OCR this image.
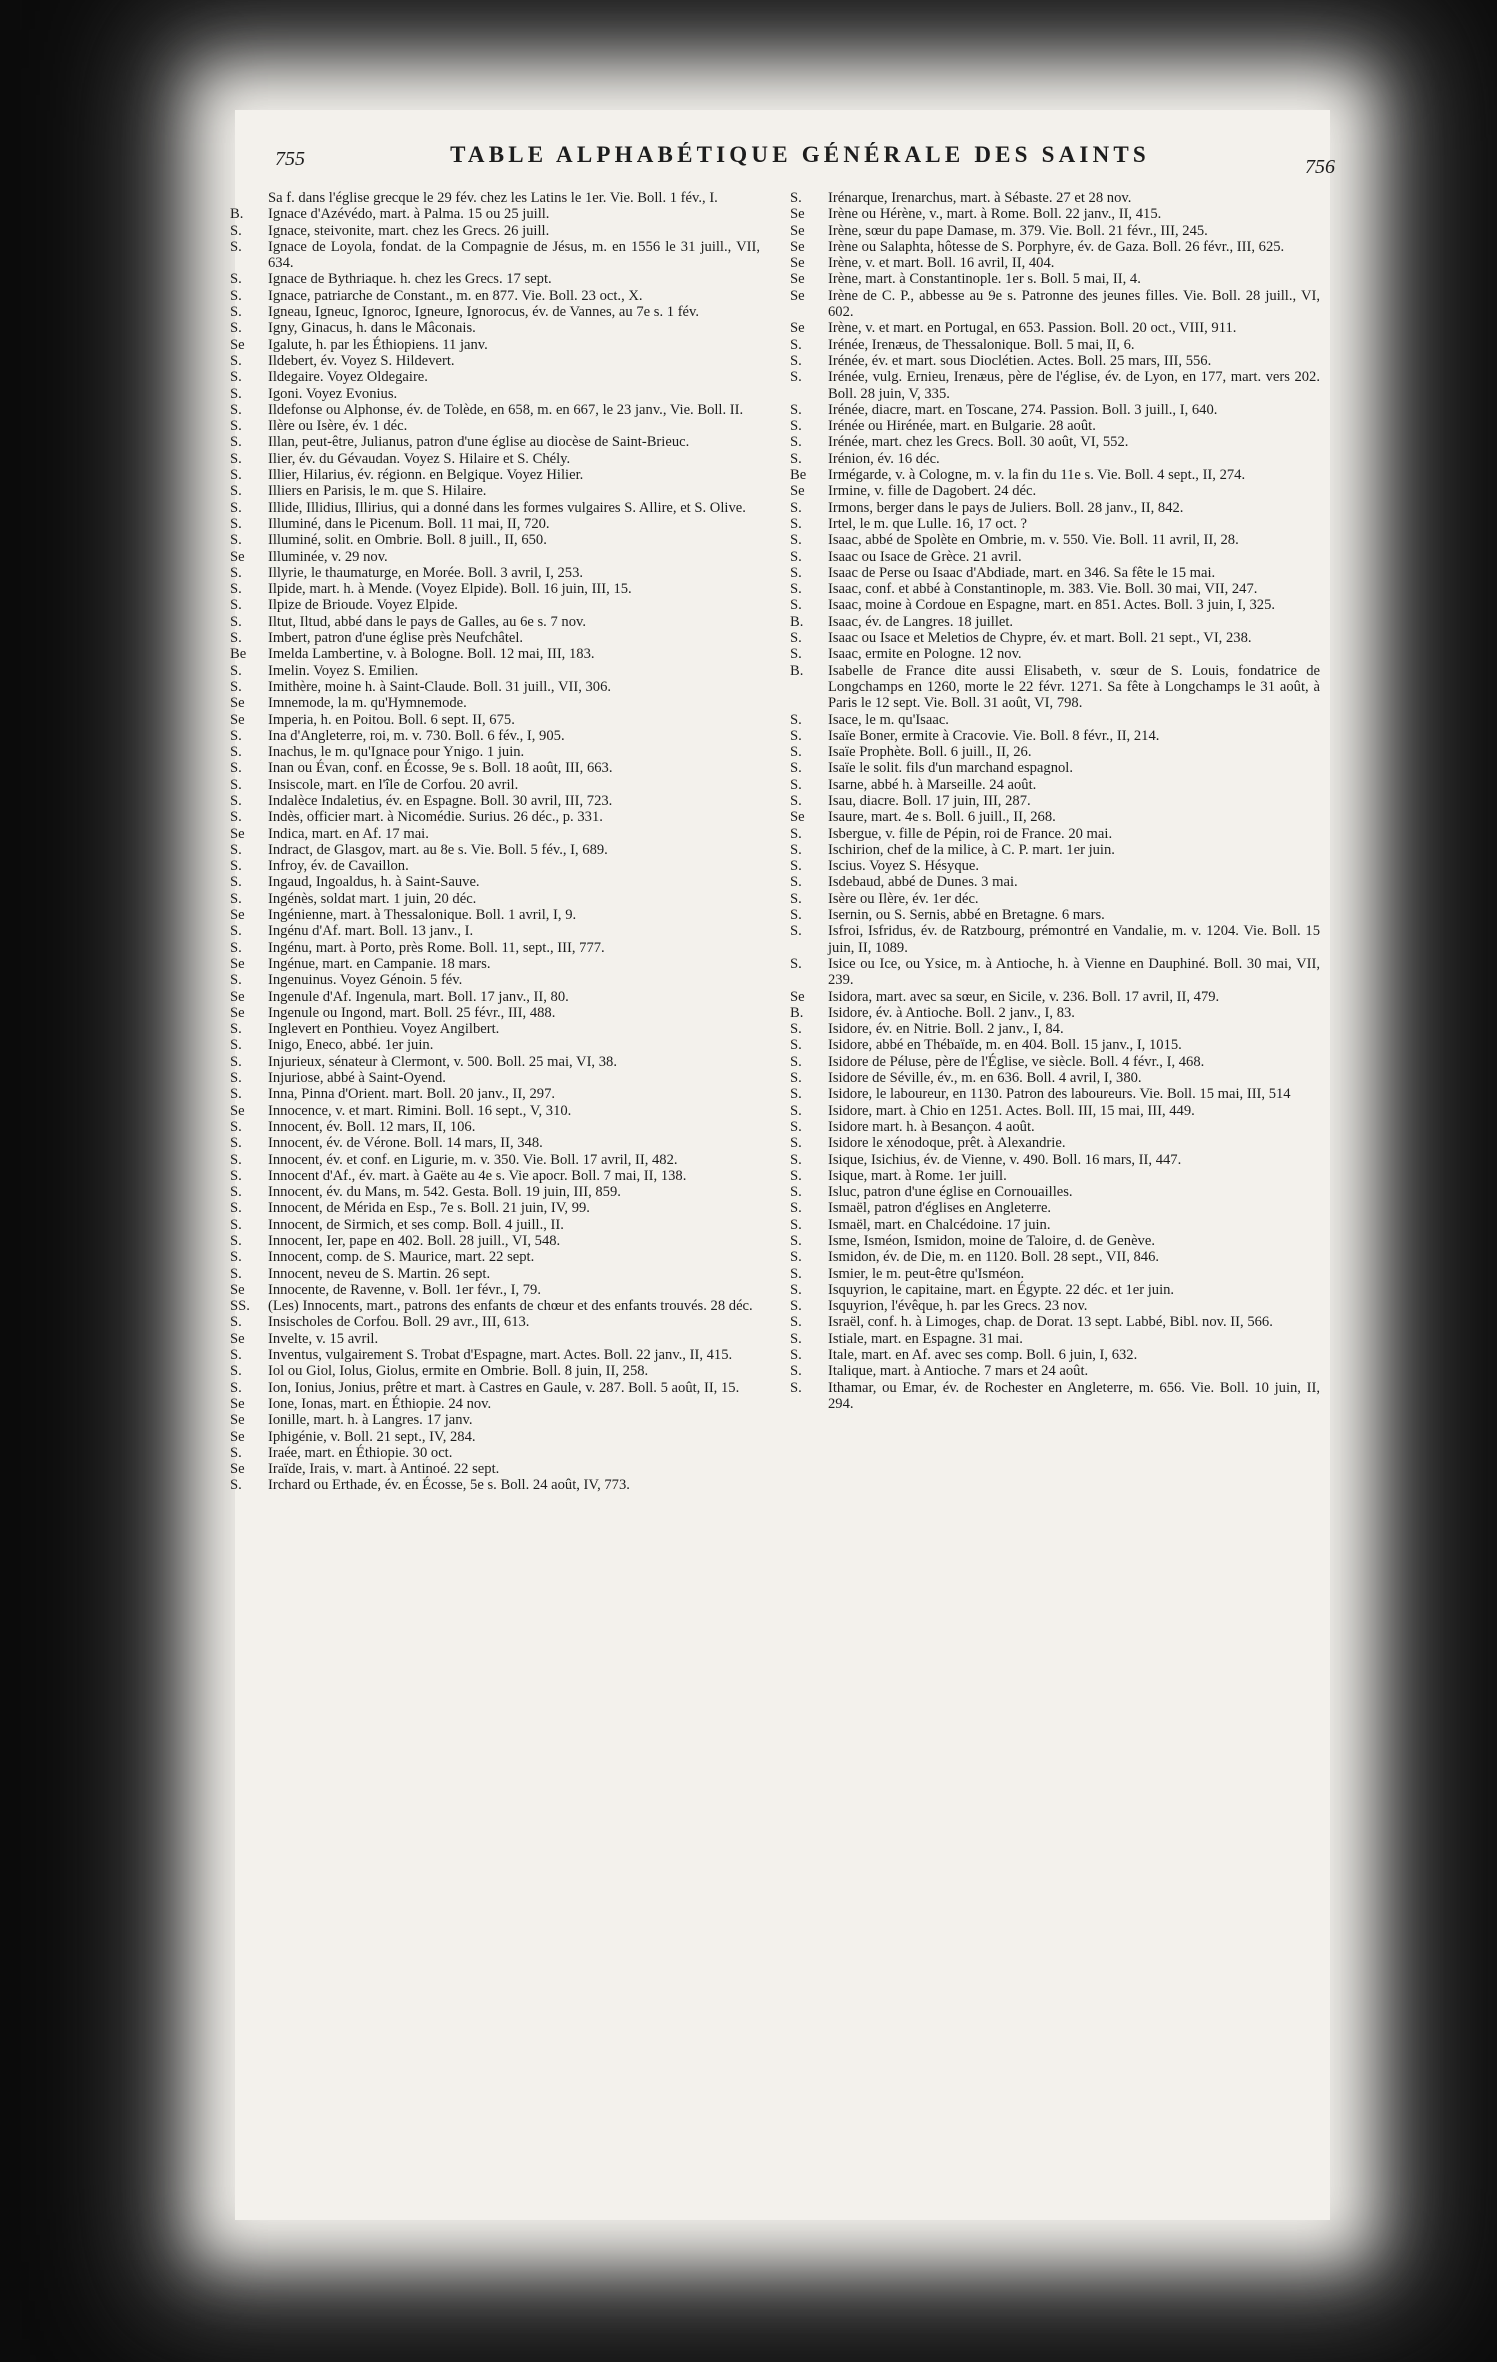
755	TABLE ALPHABÉTIQUE GÉNÉRALE DES SAINTS	756
Sa f. dans l'église grecque le 29 fév. chez les Latins le 1er. Vie. Boll. 1 fév., I.
B.	Ignace d'Azévédo, mart. à Palma. 15 ou 25 juill.
S.	Ignace, steivonite, mart. chez les Grecs. 26 juill.
S.	Ignace de Loyola, fondat. de la Compagnie de Jésus, m. en 1556 le 31 juill., VII, 634.
S.	Ignace de Bythriaque. h. chez les Grecs. 17 sept.
S.	Ignace, patriarche de Constant., m. en 877. Vie. Boll. 23 oct., X.
S.	Igneau, Igneuc, Ignoroc, Igneure, Ignorocus, év. de Vannes, au 7e s. 1 fév.
S.	Igny, Ginacus, h. dans le Mâconais.
Se	Igalute, h. par les Éthiopiens. 11 janv.
S.	Ildebert, év. Voyez S. Hildevert.
S.	Ildegaire. Voyez Oldegaire.
S.	Igoni. Voyez Evonius.
S.	Ildefonse ou Alphonse, év. de Tolède, en 658, m. en 667, le 23 janv., Vie. Boll. II.
S.	Ilère ou Isère, év. 1 déc.
S.	Illan, peut-être, Julianus, patron d'une église au diocèse de Saint-Brieuc.
S.	Ilier, év. du Gévaudan. Voyez S. Hilaire et S. Chély.
S.	Illier, Hilarius, év. régionn. en Belgique. Voyez Hilier.
S.	Illiers en Parisis, le m. que S. Hilaire.
S.	Illide, Illidius, Illirius, qui a donné dans les formes vulgaires S. Allire, et S. Olive.
S.	Illuminé, dans le Picenum. Boll. 11 mai, II, 720.
S.	Illuminé, solit. en Ombrie. Boll. 8 juill., II, 650.
Se	Illuminée, v. 29 nov.
S.	Illyrie, le thaumaturge, en Morée. Boll. 3 avril, I, 253.
S.	Ilpide, mart. h. à Mende. (Voyez Elpide). Boll. 16 juin, III, 15.
S.	Ilpize de Brioude. Voyez Elpide.
S.	Iltut, Iltud, abbé dans le pays de Galles, au 6e s. 7 nov.
S.	Imbert, patron d'une église près Neufchâtel.
Be	Imelda Lambertine, v. à Bologne. Boll. 12 mai, III, 183.
S.	Imelin. Voyez S. Emilien.
S.	Imithère, moine h. à Saint-Claude. Boll. 31 juill., VII, 306.
Se	Imnemode, la m. qu'Hymnemode.
Se	Imperia, h. en Poitou. Boll. 6 sept. II, 675.
S.	Ina d'Angleterre, roi, m. v. 730. Boll. 6 fév., I, 905.
S.	Inachus, le m. qu'Ignace pour Ynigo. 1 juin.
S.	Inan ou Évan, conf. en Écosse, 9e s. Boll. 18 août, III, 663.
S.	Insiscole, mart. en l'île de Corfou. 20 avril.
S.	Indalèce Indaletius, év. en Espagne. Boll. 30 avril, III, 723.
S.	Indès, officier mart. à Nicomédie. Surius. 26 déc., p. 331.
Se	Indica, mart. en Af. 17 mai.
S.	Indract, de Glasgov, mart. au 8e s. Vie. Boll. 5 fév., I, 689.
S.	Infroy, év. de Cavaillon.
S.	Ingaud, Ingoaldus, h. à Saint-Sauve.
S.	Ingénès, soldat mart. 1 juin, 20 déc.
Se	Ingénienne, mart. à Thessalonique. Boll. 1 avril, I, 9.
S.	Ingénu d'Af. mart. Boll. 13 janv., I.
S.	Ingénu, mart. à Porto, près Rome. Boll. 11, sept., III, 777.
Se	Ingénue, mart. en Campanie. 18 mars.
S.	Ingenuinus. Voyez Génoin. 5 fév.
Se	Ingenule d'Af. Ingenula, mart. Boll. 17 janv., II, 80.
Se	Ingenule ou Ingond, mart. Boll. 25 févr., III, 488.
S.	Inglevert en Ponthieu. Voyez Angilbert.
S.	Inigo, Eneco, abbé. 1er juin.
S.	Injurieux, sénateur à Clermont, v. 500. Boll. 25 mai, VI, 38.
S.	Injuriose, abbé à Saint-Oyend.
S.	Inna, Pinna d'Orient. mart. Boll. 20 janv., II, 297.
Se	Innocence, v. et mart. Rimini. Boll. 16 sept., V, 310.
S.	Innocent, év. Boll. 12 mars, II, 106.
S.	Innocent, év. de Vérone. Boll. 14 mars, II, 348.
S.	Innocent, év. et conf. en Ligurie, m. v. 350. Vie. Boll. 17 avril, II, 482.
S.	Innocent d'Af., év. mart. à Gaëte au 4e s. Vie apocr. Boll. 7 mai, II, 138.
S.	Innocent, év. du Mans, m. 542. Gesta. Boll. 19 juin, III, 859.
S.	Innocent, de Mérida en Esp., 7e s. Boll. 21 juin, IV, 99.
S.	Innocent, de Sirmich, et ses comp. Boll. 4 juill., II.
S.	Innocent, Ier, pape en 402. Boll. 28 juill., VI, 548.
S.	Innocent, comp. de S. Maurice, mart. 22 sept.
S.	Innocent, neveu de S. Martin. 26 sept.
Se	Innocente, de Ravenne, v. Boll. 1er févr., I, 79.
SS.	(Les) Innocents, mart., patrons des enfants de chœur et des enfants trouvés. 28 déc.
S.	Insischoles de Corfou. Boll. 29 avr., III, 613.
Se	Invelte, v. 15 avril.
S.	Inventus, vulgairement S. Trobat d'Espagne, mart. Actes. Boll. 22 janv., II, 415.
S.	Iol ou Giol, Iolus, Giolus, ermite en Ombrie. Boll. 8 juin, II, 258.
S.	Ion, Ionius, Jonius, prêtre et mart. à Castres en Gaule, v. 287. Boll. 5 août, II, 15.
Se	Ione, Ionas, mart. en Éthiopie. 24 nov.
Se	Ionille, mart. h. à Langres. 17 janv.
Se	Iphigénie, v. Boll. 21 sept., IV, 284.
S.	Iraée, mart. en Éthiopie. 30 oct.
Se	Iraïde, Irais, v. mart. à Antinoé. 22 sept.
S.	Irchard ou Erthade, év. en Écosse, 5e s. Boll. 24 août, IV, 773.
S.	Irénarque, Irenarchus, mart. à Sébaste. 27 et 28 nov.
Se	Irène ou Hérène, v., mart. à Rome. Boll. 22 janv., II, 415.
Se	Irène, sœur du pape Damase, m. 379. Vie. Boll. 21 févr., III, 245.
Se	Irène ou Salaphta, hôtesse de S. Porphyre, év. de Gaza. Boll. 26 févr., III, 625.
Se	Irène, v. et mart. Boll. 16 avril, II, 404.
Se	Irène, mart. à Constantinople. 1er s. Boll. 5 mai, II, 4.
Se	Irène de C. P., abbesse au 9e s. Patronne des jeunes filles. Vie. Boll. 28 juill., VI, 602.
Se	Irène, v. et mart. en Portugal, en 653. Passion. Boll. 20 oct., VIII, 911.
S.	Irénée, Irenæus, de Thessalonique. Boll. 5 mai, II, 6.
S.	Irénée, év. et mart. sous Dioclétien. Actes. Boll. 25 mars, III, 556.
S.	Irénée, vulg. Ernieu, Irenæus, père de l'église, év. de Lyon, en 177, mart. vers 202. Boll. 28 juin, V, 335.
S.	Irénée, diacre, mart. en Toscane, 274. Passion. Boll. 3 juill., I, 640.
S.	Irénée ou Hirénée, mart. en Bulgarie. 28 août.
S.	Irénée, mart. chez les Grecs. Boll. 30 août, VI, 552.
S.	Irénion, év. 16 déc.
Be	Irmégarde, v. à Cologne, m. v. la fin du 11e s. Vie. Boll. 4 sept., II, 274.
Se	Irmine, v. fille de Dagobert. 24 déc.
S.	Irmons, berger dans le pays de Juliers. Boll. 28 janv., II, 842.
S.	Irtel, le m. que Lulle. 16, 17 oct. ?
S.	Isaac, abbé de Spolète en Ombrie, m. v. 550. Vie. Boll. 11 avril, II, 28.
S.	Isaac ou Isace de Grèce. 21 avril.
S.	Isaac de Perse ou Isaac d'Abdiade, mart. en 346. Sa fête le 15 mai.
S.	Isaac, conf. et abbé à Constantinople, m. 383. Vie. Boll. 30 mai, VII, 247.
S.	Isaac, moine à Cordoue en Espagne, mart. en 851. Actes. Boll. 3 juin, I, 325.
B.	Isaac, év. de Langres. 18 juillet.
S.	Isaac ou Isace et Meletios de Chypre, év. et mart. Boll. 21 sept., VI, 238.
S.	Isaac, ermite en Pologne. 12 nov.
B.	Isabelle de France dite aussi Elisabeth, v. sœur de S. Louis, fondatrice de Longchamps en 1260, morte le 22 févr. 1271. Sa fête à Longchamps le 31 août, à Paris le 12 sept. Vie. Boll. 31 août, VI, 798.
S.	Isace, le m. qu'Isaac.
S.	Isaïe Boner, ermite à Cracovie. Vie. Boll. 8 févr., II, 214.
S.	Isaïe Prophète. Boll. 6 juill., II, 26.
S.	Isaïe le solit. fils d'un marchand espagnol.
S.	Isarne, abbé h. à Marseille. 24 août.
S.	Isau, diacre. Boll. 17 juin, III, 287.
Se	Isaure, mart. 4e s. Boll. 6 juill., II, 268.
S.	Isbergue, v. fille de Pépin, roi de France. 20 mai.
S.	Ischirion, chef de la milice, à C. P. mart. 1er juin.
S.	Iscius. Voyez S. Hésyque.
S.	Isdebaud, abbé de Dunes. 3 mai.
S.	Isère ou Ilère, év. 1er déc.
S.	Isernin, ou S. Sernis, abbé en Bretagne. 6 mars.
S.	Isfroi, Isfridus, év. de Ratzbourg, prémontré en Vandalie, m. v. 1204. Vie. Boll. 15 juin, II, 1089.
S.	Isice ou Ice, ou Ysice, m. à Antioche, h. à Vienne en Dauphiné. Boll. 30 mai, VII, 239.
Se	Isidora, mart. avec sa sœur, en Sicile, v. 236. Boll. 17 avril, II, 479.
B.	Isidore, év. à Antioche. Boll. 2 janv., I, 83.
S.	Isidore, év. en Nitrie. Boll. 2 janv., I, 84.
S.	Isidore, abbé en Thébaïde, m. en 404. Boll. 15 janv., I, 1015.
S.	Isidore de Péluse, père de l'Église, ve siècle. Boll. 4 févr., I, 468.
S.	Isidore de Séville, év., m. en 636. Boll. 4 avril, I, 380.
S.	Isidore, le laboureur, en 1130. Patron des laboureurs. Vie. Boll. 15 mai, III, 514
S.	Isidore, mart. à Chio en 1251. Actes. Boll. III, 15 mai, III, 449.
S.	Isidore mart. h. à Besançon. 4 août.
S.	Isidore le xénodoque, prêt. à Alexandrie.
S.	Isique, Isichius, év. de Vienne, v. 490. Boll. 16 mars, II, 447.
S.	Isique, mart. à Rome. 1er juill.
S.	Isluc, patron d'une église en Cornouailles.
S.	Ismaël, patron d'églises en Angleterre.
S.	Ismaël, mart. en Chalcédoine. 17 juin.
S.	Isme, Isméon, Ismidon, moine de Taloire, d. de Genève.
S.	Ismidon, év. de Die, m. en 1120. Boll. 28 sept., VII, 846.
S.	Ismier, le m. peut-être qu'Isméon.
S.	Isquyrion, le capitaine, mart. en Égypte. 22 déc. et 1er juin.
S.	Isquyrion, l'évêque, h. par les Grecs. 23 nov.
S.	Israël, conf. h. à Limoges, chap. de Dorat. 13 sept. Labbé, Bibl. nov. II, 566.
S.	Istiale, mart. en Espagne. 31 mai.
S.	Itale, mart. en Af. avec ses comp. Boll. 6 juin, I, 632.
S.	Italique, mart. à Antioche. 7 mars et 24 août.
S.	Ithamar, ou Emar, év. de Rochester en Angleterre, m. 656. Vie. Boll. 10 juin, II, 294.
